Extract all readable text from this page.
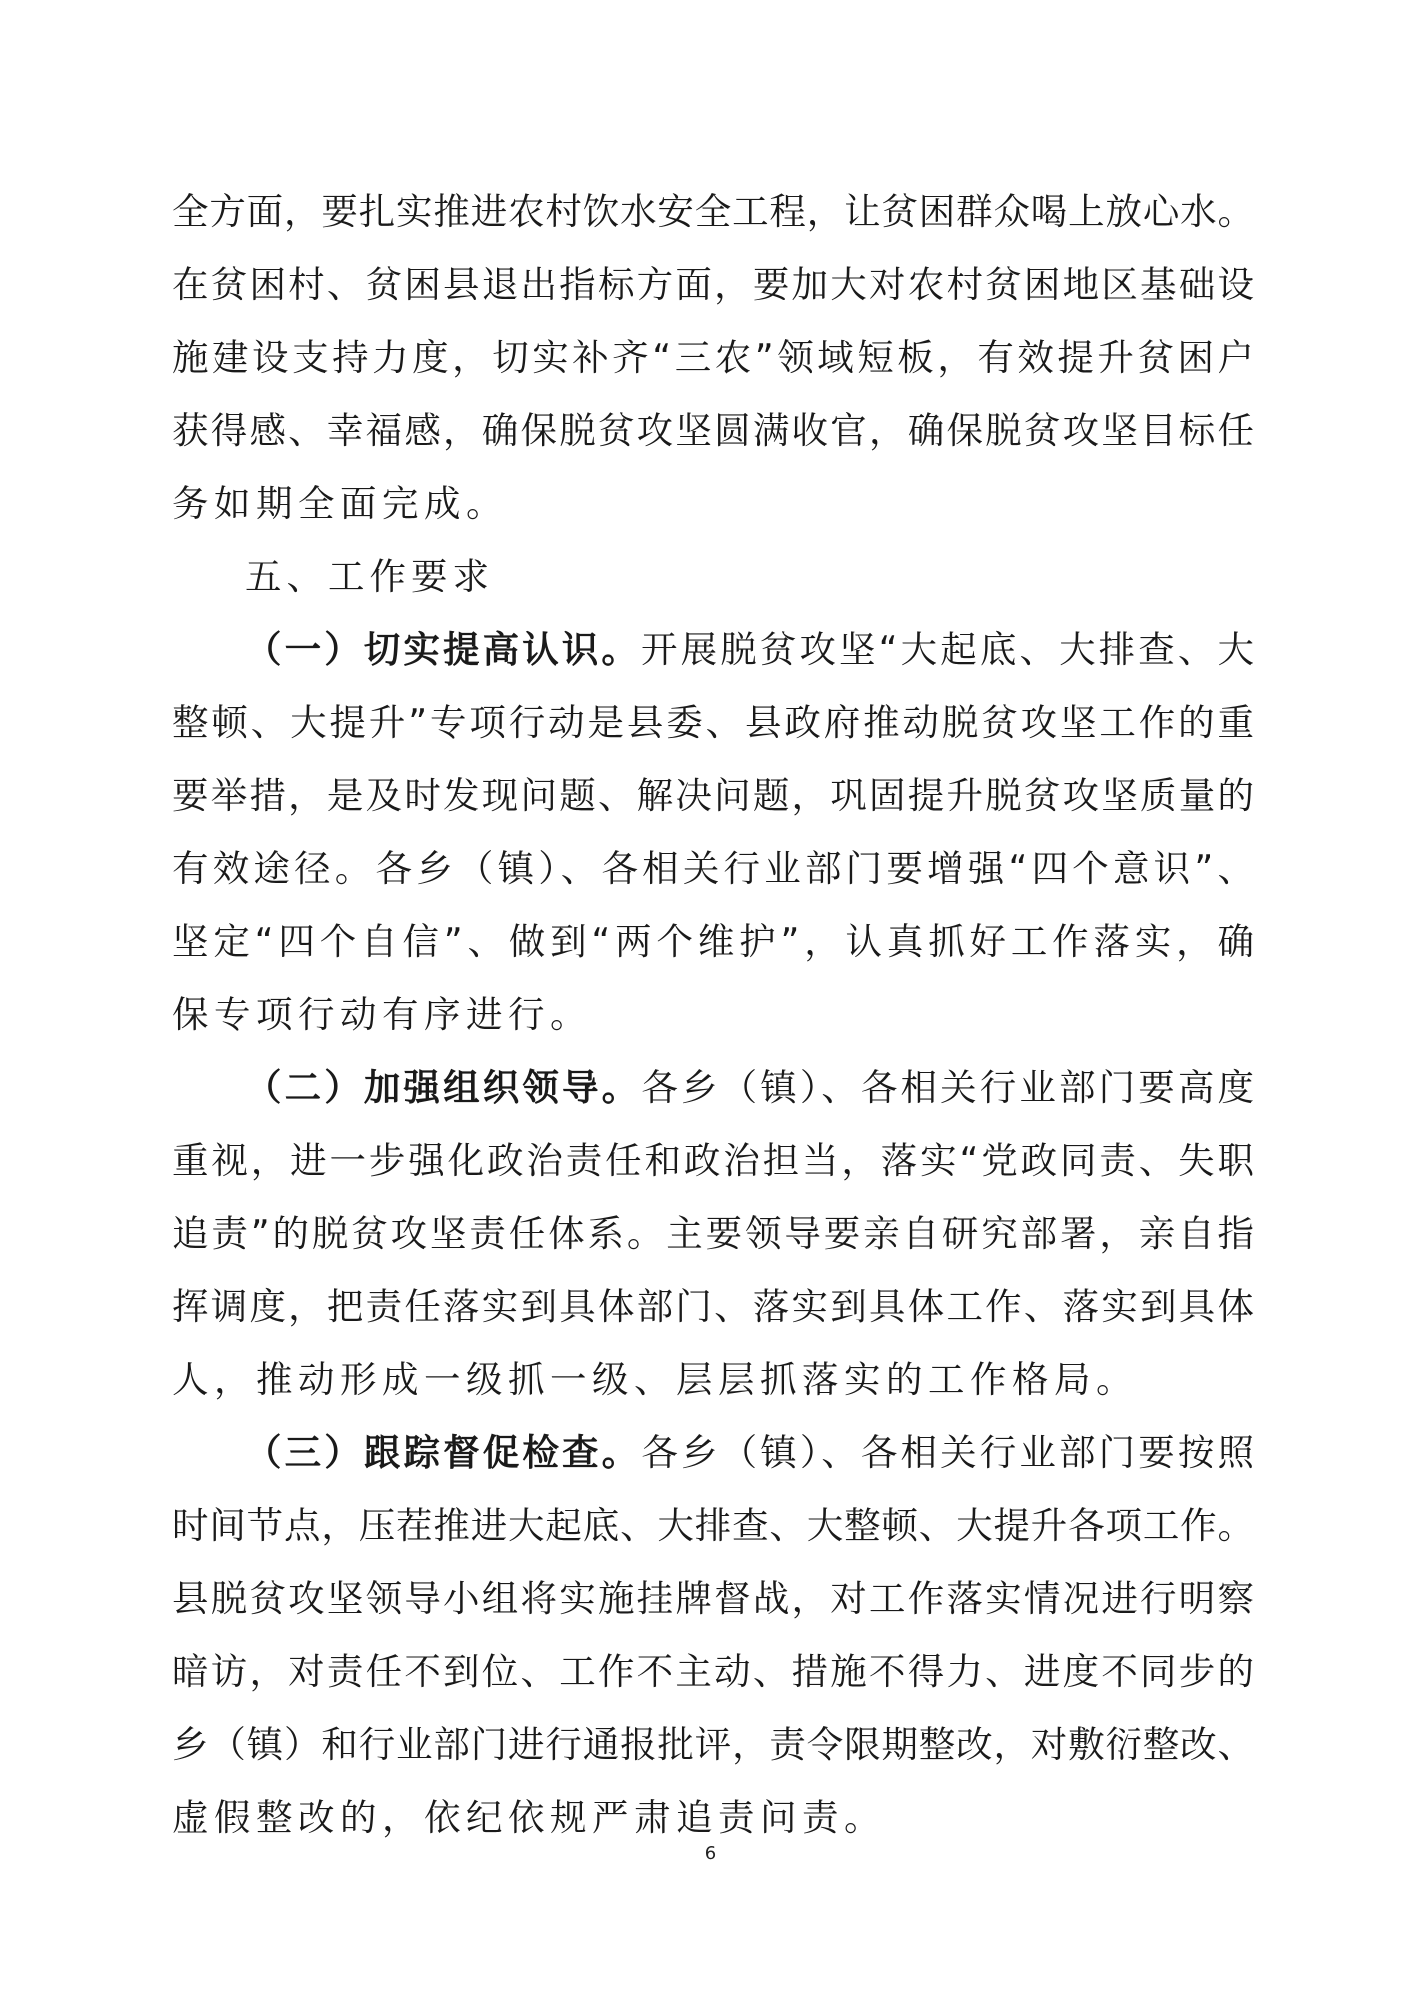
全方面，要扎实推进农村饮水安全工程，让贫困群众喝上放心水。
在贫困村、贫困县退出指标方面，要加大对农村贫困地区基础设
施建设支持力度，切实补齐“三农”领域短板，有效提升贫困户
获得感、幸福感，确保脱贫攻坚圆满收官，确保脱贫攻坚目标任
务如期全面完成。
五、工作要求
（一）切实提高认识。开展脱贫攻坚“大起底、大排查、大
整顿、大提升”专项行动是县委、县政府推动脱贫攻坚工作的重
要举措，是及时发现问题、解决问题，巩固提升脱贫攻坚质量的
有效途径。各乡（镇）、各相关行业部门要增强“四个意识”、
坚定“四个自信”、做到“两个维护”，认真抓好工作落实，确
保专项行动有序进行。
（二）加强组织领导。各乡（镇）、各相关行业部门要高度
重视，进一步强化政治责任和政治担当，落实“党政同责、失职
追责”的脱贫攻坚责任体系。主要领导要亲自研究部署，亲自指
挥调度，把责任落实到具体部门、落实到具体工作、落实到具体
人，推动形成一级抓一级、层层抓落实的工作格局。
（三）跟踪督促检查。各乡（镇）、各相关行业部门要按照
时间节点，压茬推进大起底、大排查、大整顿、大提升各项工作。
县脱贫攻坚领导小组将实施挂牌督战，对工作落实情况进行明察
暗访，对责任不到位、工作不主动、措施不得力、进度不同步的
乡（镇）和行业部门进行通报批评，责令限期整改，对敷衍整改、
虚假整改的，依纪依规严肃追责问责。
6
